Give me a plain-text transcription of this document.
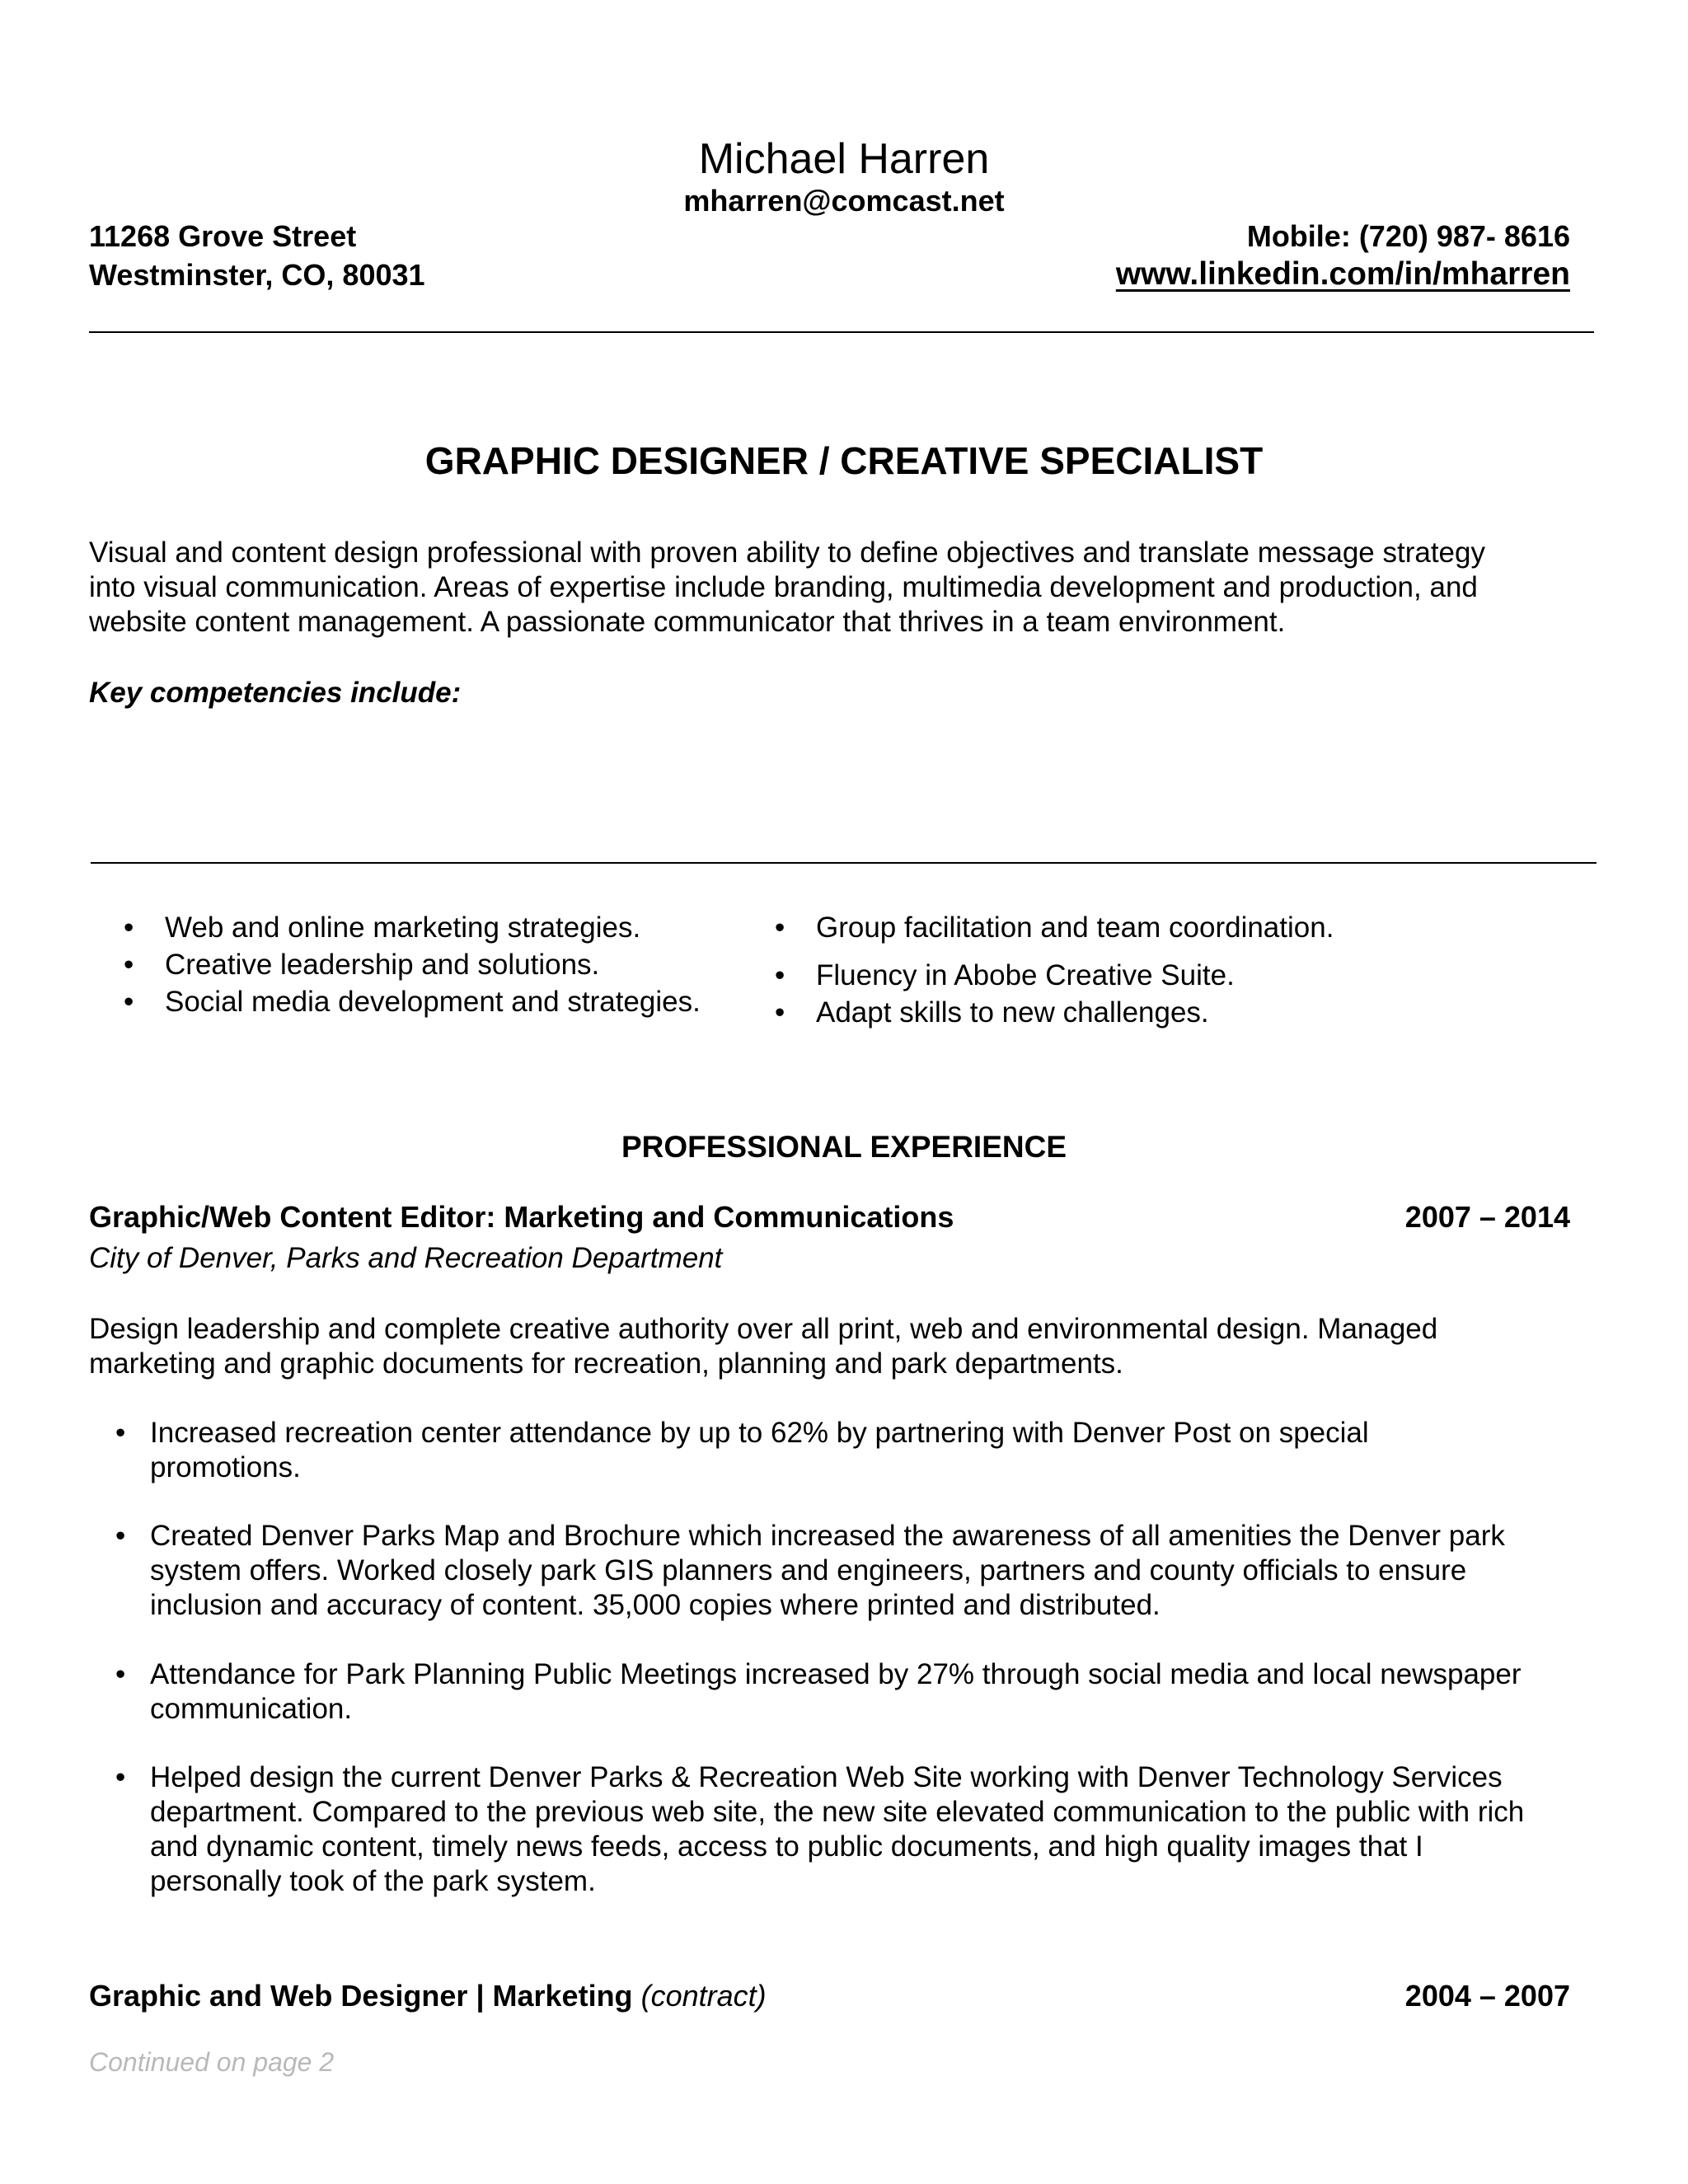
Michael Harren
mharren@comcast.net
11268 Grove Street
Westminster, CO, 80031
Mobile: (720) 987- 8616
www.linkedin.com/in/mharren
GRAPHIC DESIGNER / CREATIVE SPECIALIST
Visual and content design professional with proven ability to define objectives and translate message strategy
into visual communication. Areas of expertise include branding, multimedia development and production, and
website content management. A passionate communicator that thrives in a team environment.
Key competencies include:
• Web and online marketing strategies.
• Creative leadership and solutions.
• Social media development and strategies.
• Group facilitation and team coordination.
• Fluency in Abobe Creative Suite.
• Adapt skills to new challenges.
PROFESSIONAL EXPERIENCE
Graphic/Web Content Editor: Marketing and Communications	2007 – 2014
City of Denver, Parks and Recreation Department
Design leadership and complete creative authority over all print, web and environmental design. Managed
marketing and graphic documents for recreation, planning and park departments.
• Increased recreation center attendance by up to 62% by partnering with Denver Post on special
promotions.
• Created Denver Parks Map and Brochure which increased the awareness of all amenities the Denver park
system offers. Worked closely park GIS planners and engineers, partners and county officials to ensure
inclusion and accuracy of content. 35,000 copies where printed and distributed.
• Attendance for Park Planning Public Meetings increased by 27% through social media and local newspaper
communication.
• Helped design the current Denver Parks & Recreation Web Site working with Denver Technology Services
department. Compared to the previous web site, the new site elevated communication to the public with rich
and dynamic content, timely news feeds, access to public documents, and high quality images that I
personally took of the park system.
Graphic and Web Designer | Marketing (contract)	2004 – 2007
Continued on page 2
